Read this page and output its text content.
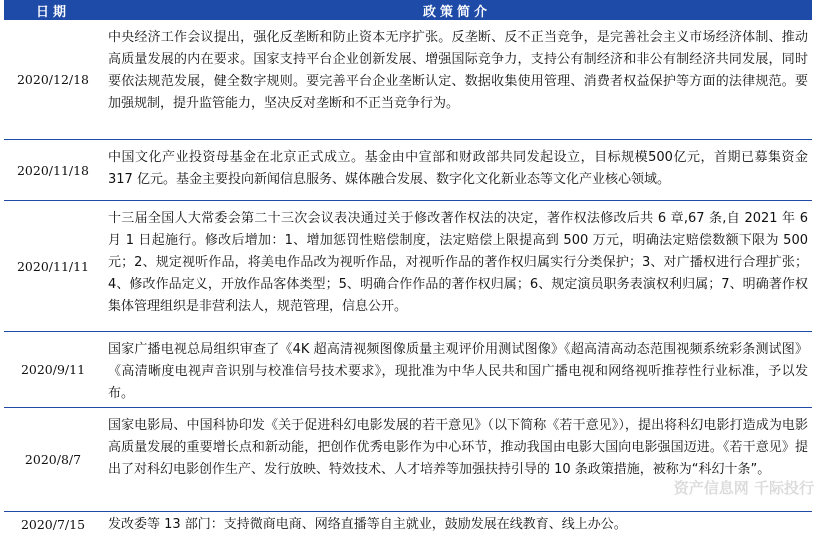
日期	政策简介
2020/12/18
中央经济工作会议提出，强化反垄断和防止资本无序扩张。反垄断、反不正当竞争，是完善社会主义市场经济体制、推动高质量发展的内在要求。国家支持平台企业创新发展、增强国际竞争力，支持公有制经济和非公有制经济共同发展，同时要依法规范发展，健全数字规则。要完善平台企业垄断认定、数据收集使用管理、消费者权益保护等方面的法律规范。要加强规制，提升监管能力，坚决反对垄断和不正当竞争行为。
2020/11/18
中国文化产业投资母基金在北京正式成立。基金由中宣部和财政部共同发起设立，目标规模500亿元，首期已募集资金 317 亿元。基金主要投向新闻信息服务、媒体融合发展、数字化文化新业态等文化产业核心领域。
2020/11/11
十三届全国人大常委会第二十三次会议表决通过关于修改著作权法的决定，著作权法修改后共 6 章,67 条,自 2021 年 6 月 1 日起施行。修改后增加：1、增加惩罚性赔偿制度，法定赔偿上限提高到 500 万元，明确法定赔偿数额下限为 500 元；2、规定视听作品，将美电作品改为视听作品，对视听作品的著作权归属实行分类保护；3、对广播权进行合理扩张；4、修改作品定义，开放作品客体类型；5、明确合作作品的著作权归属；6、规定演员职务表演权利归属；7、明确著作权集体管理组织是非营利法人，规范管理，信息公开。
2020/9/11
国家广播电视总局组织审查了《4K 超高清视频图像质量主观评价用测试图像》《超高清高动态范围视频系统彩条测试图》《高清晰度电视声音识别与校准信号技术要求》，现批准为中华人民共和国广播电视和网络视听推荐性行业标准，予以发布。
2020/8/7
国家电影局、中国科协印发《关于促进科幻电影发展的若干意见》（以下简称《若干意见》），提出将科幻电影打造成为电影高质量发展的重要增长点和新动能，把创作优秀电影作为中心环节，推动我国由电影大国向电影强国迈进。《若干意见》提出了对科幻电影创作生产、发行放映、特效技术、人才培养等加强扶持引导的 10 条政策措施，被称为“科幻十条”。
2020/7/15	发改委等 13 部门：支持微商电商、网络直播等自主就业，鼓励发展在线教育、线上办公。
资产信息网 千际投行
